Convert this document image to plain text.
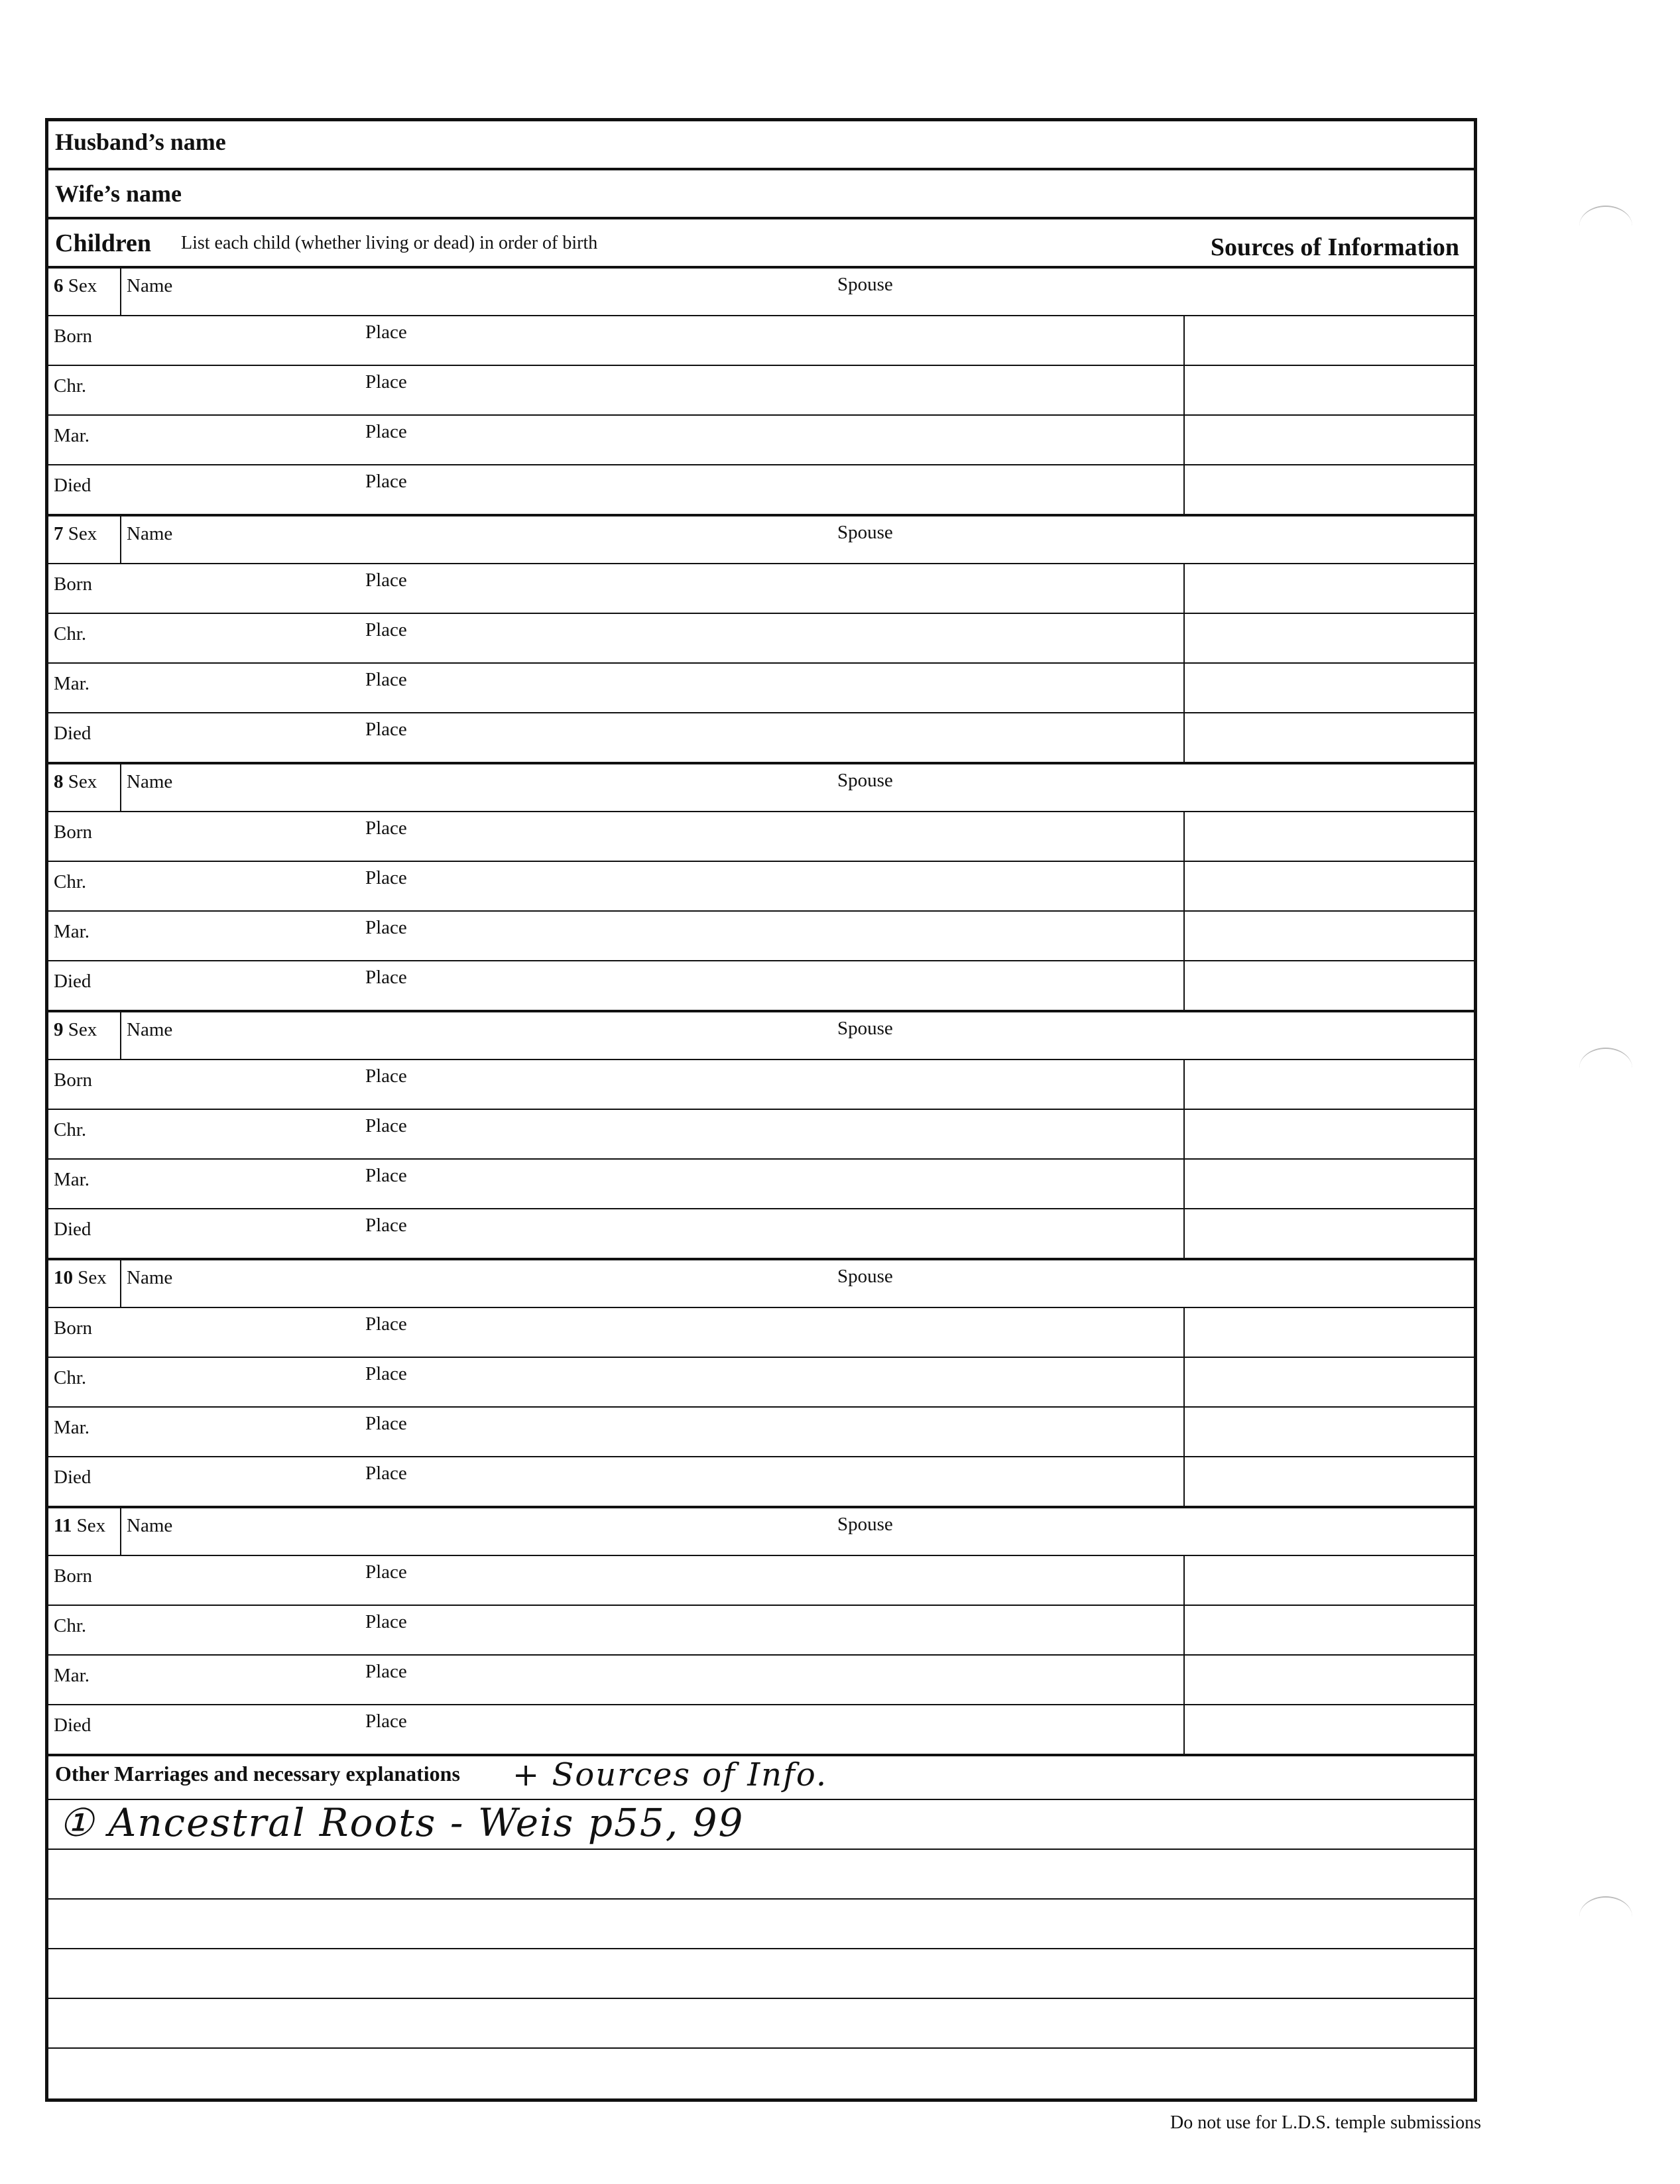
Husband’s name
Wife’s name
Children List each child (whether living or dead) in order of birth	Sources of Information
6 Sex Name	Spouse
Born	Place
Chr.	Place
Mar.	Place
Died	Place
7 Sex Name	Spouse
Born	Place
Chr.	Place
Mar.	Place
Died	Place
8 Sex Name	Spouse
Born	Place
Chr.	Place
Mar.	Place
Died	Place
9 Sex Name	Spouse
Born	Place
Chr.	Place
Mar.	Place
Died	Place
10 Sex Name	Spouse
Born	Place
Chr.	Place
Mar.	Place
Died	Place
11 Sex Name	Spouse
Born	Place
Chr.	Place
Mar.	Place
Died	Place
Other Marriages and necessary explanations + Sources of Info.
① Ancestral Roots - Weis p55, 99
Do not use for L.D.S. temple submissions
